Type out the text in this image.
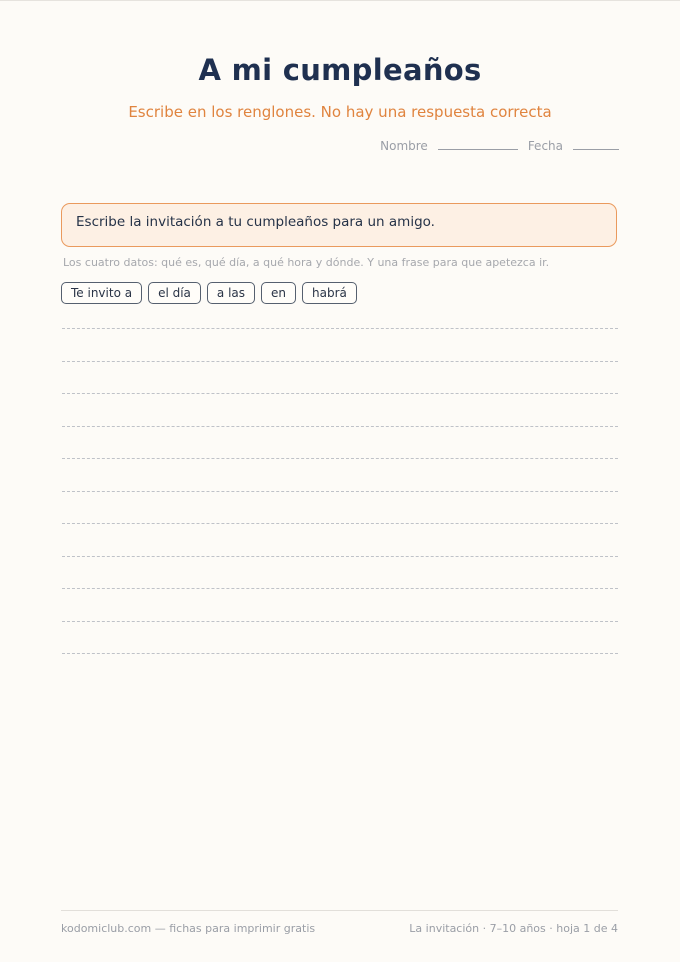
A mi cumpleaños
Escribe en los renglones. No hay una respuesta correcta
Nombre	Fecha
Escribe la invitación a tu cumpleaños para un amigo.
Los cuatro datos: qué es, qué día, a qué hora y dónde. Y una frase para que apetezca ir.
Te invito a	el día	a las	en	habrá
kodomiclub.com — fichas para imprimir gratis	La invitación · 7–10 años · hoja 1 de 4
